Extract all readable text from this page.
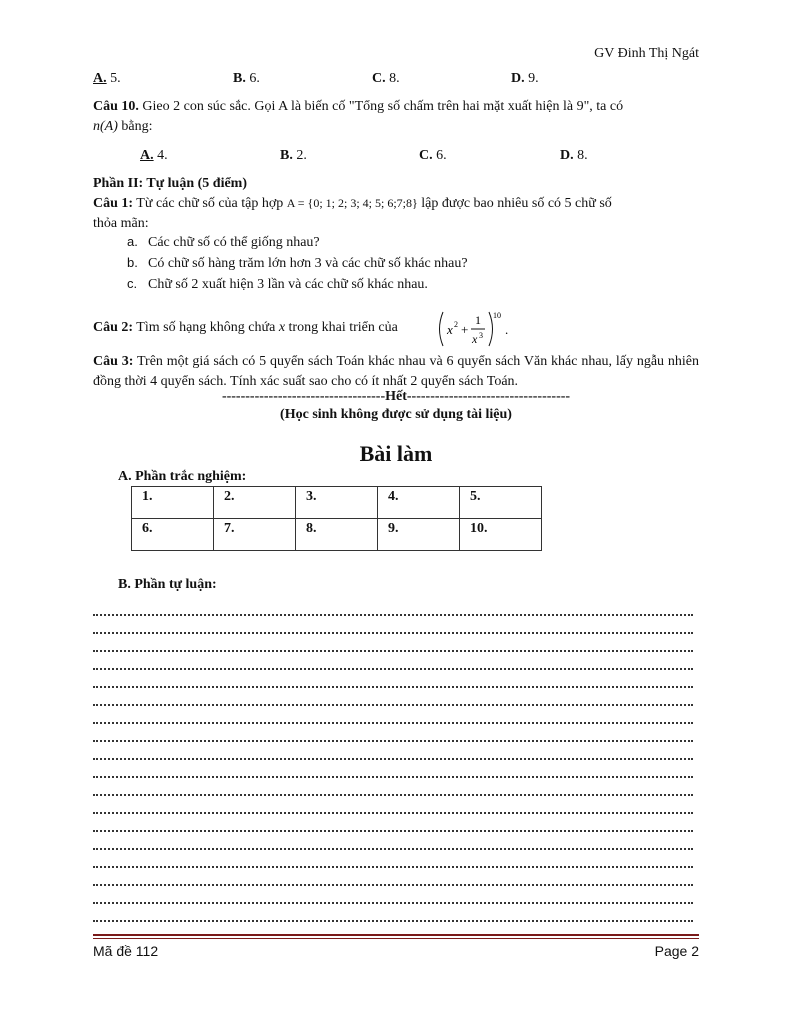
GV Đinh Thị Ngát
A. 5.	B. 6.	C. 8.	D. 9.
Câu 10. Gieo 2 con súc sắc. Gọi A là biến cố "Tổng số chấm trên hai mặt xuất hiện là 9", ta có
n(A) bằng:
A. 4.	B. 2.	C. 6.	D. 8.
Phần II: Tự luận (5 điểm)
Câu 1: Từ các chữ số của tập hợp A = {0; 1; 2; 3; 4; 5; 6;7;8} lập được bao nhiêu số có 5 chữ số
thỏa mãn:
a. Các chữ số có thể giống nhau?
b. Có chữ số hàng trăm lớn hơn 3 và các chữ số khác nhau?
c. Chữ số 2 xuất hiện 3 lần và các chữ số khác nhau.
Câu 2: Tìm số hạng không chứa x trong khai triển của	x 2 +
1
x 3
10
.
Câu 3: Trên một giá sách có 5 quyển sách Toán khác nhau và 6 quyển sách Văn khác nhau, lấy ngẫu nhiên đồng thời 4 quyển sách. Tính xác suất sao cho có ít nhất 2 quyển sách Toán.
-----------------------------------Hết-----------------------------------
(Học sinh không được sử dụng tài liệu)
Bài làm
A. Phần trắc nghiệm:
1.	2.	3.	4.	5.

6.	7.	8.	9.	10.
B. Phần tự luận:
Mã đề 112	Page 2
